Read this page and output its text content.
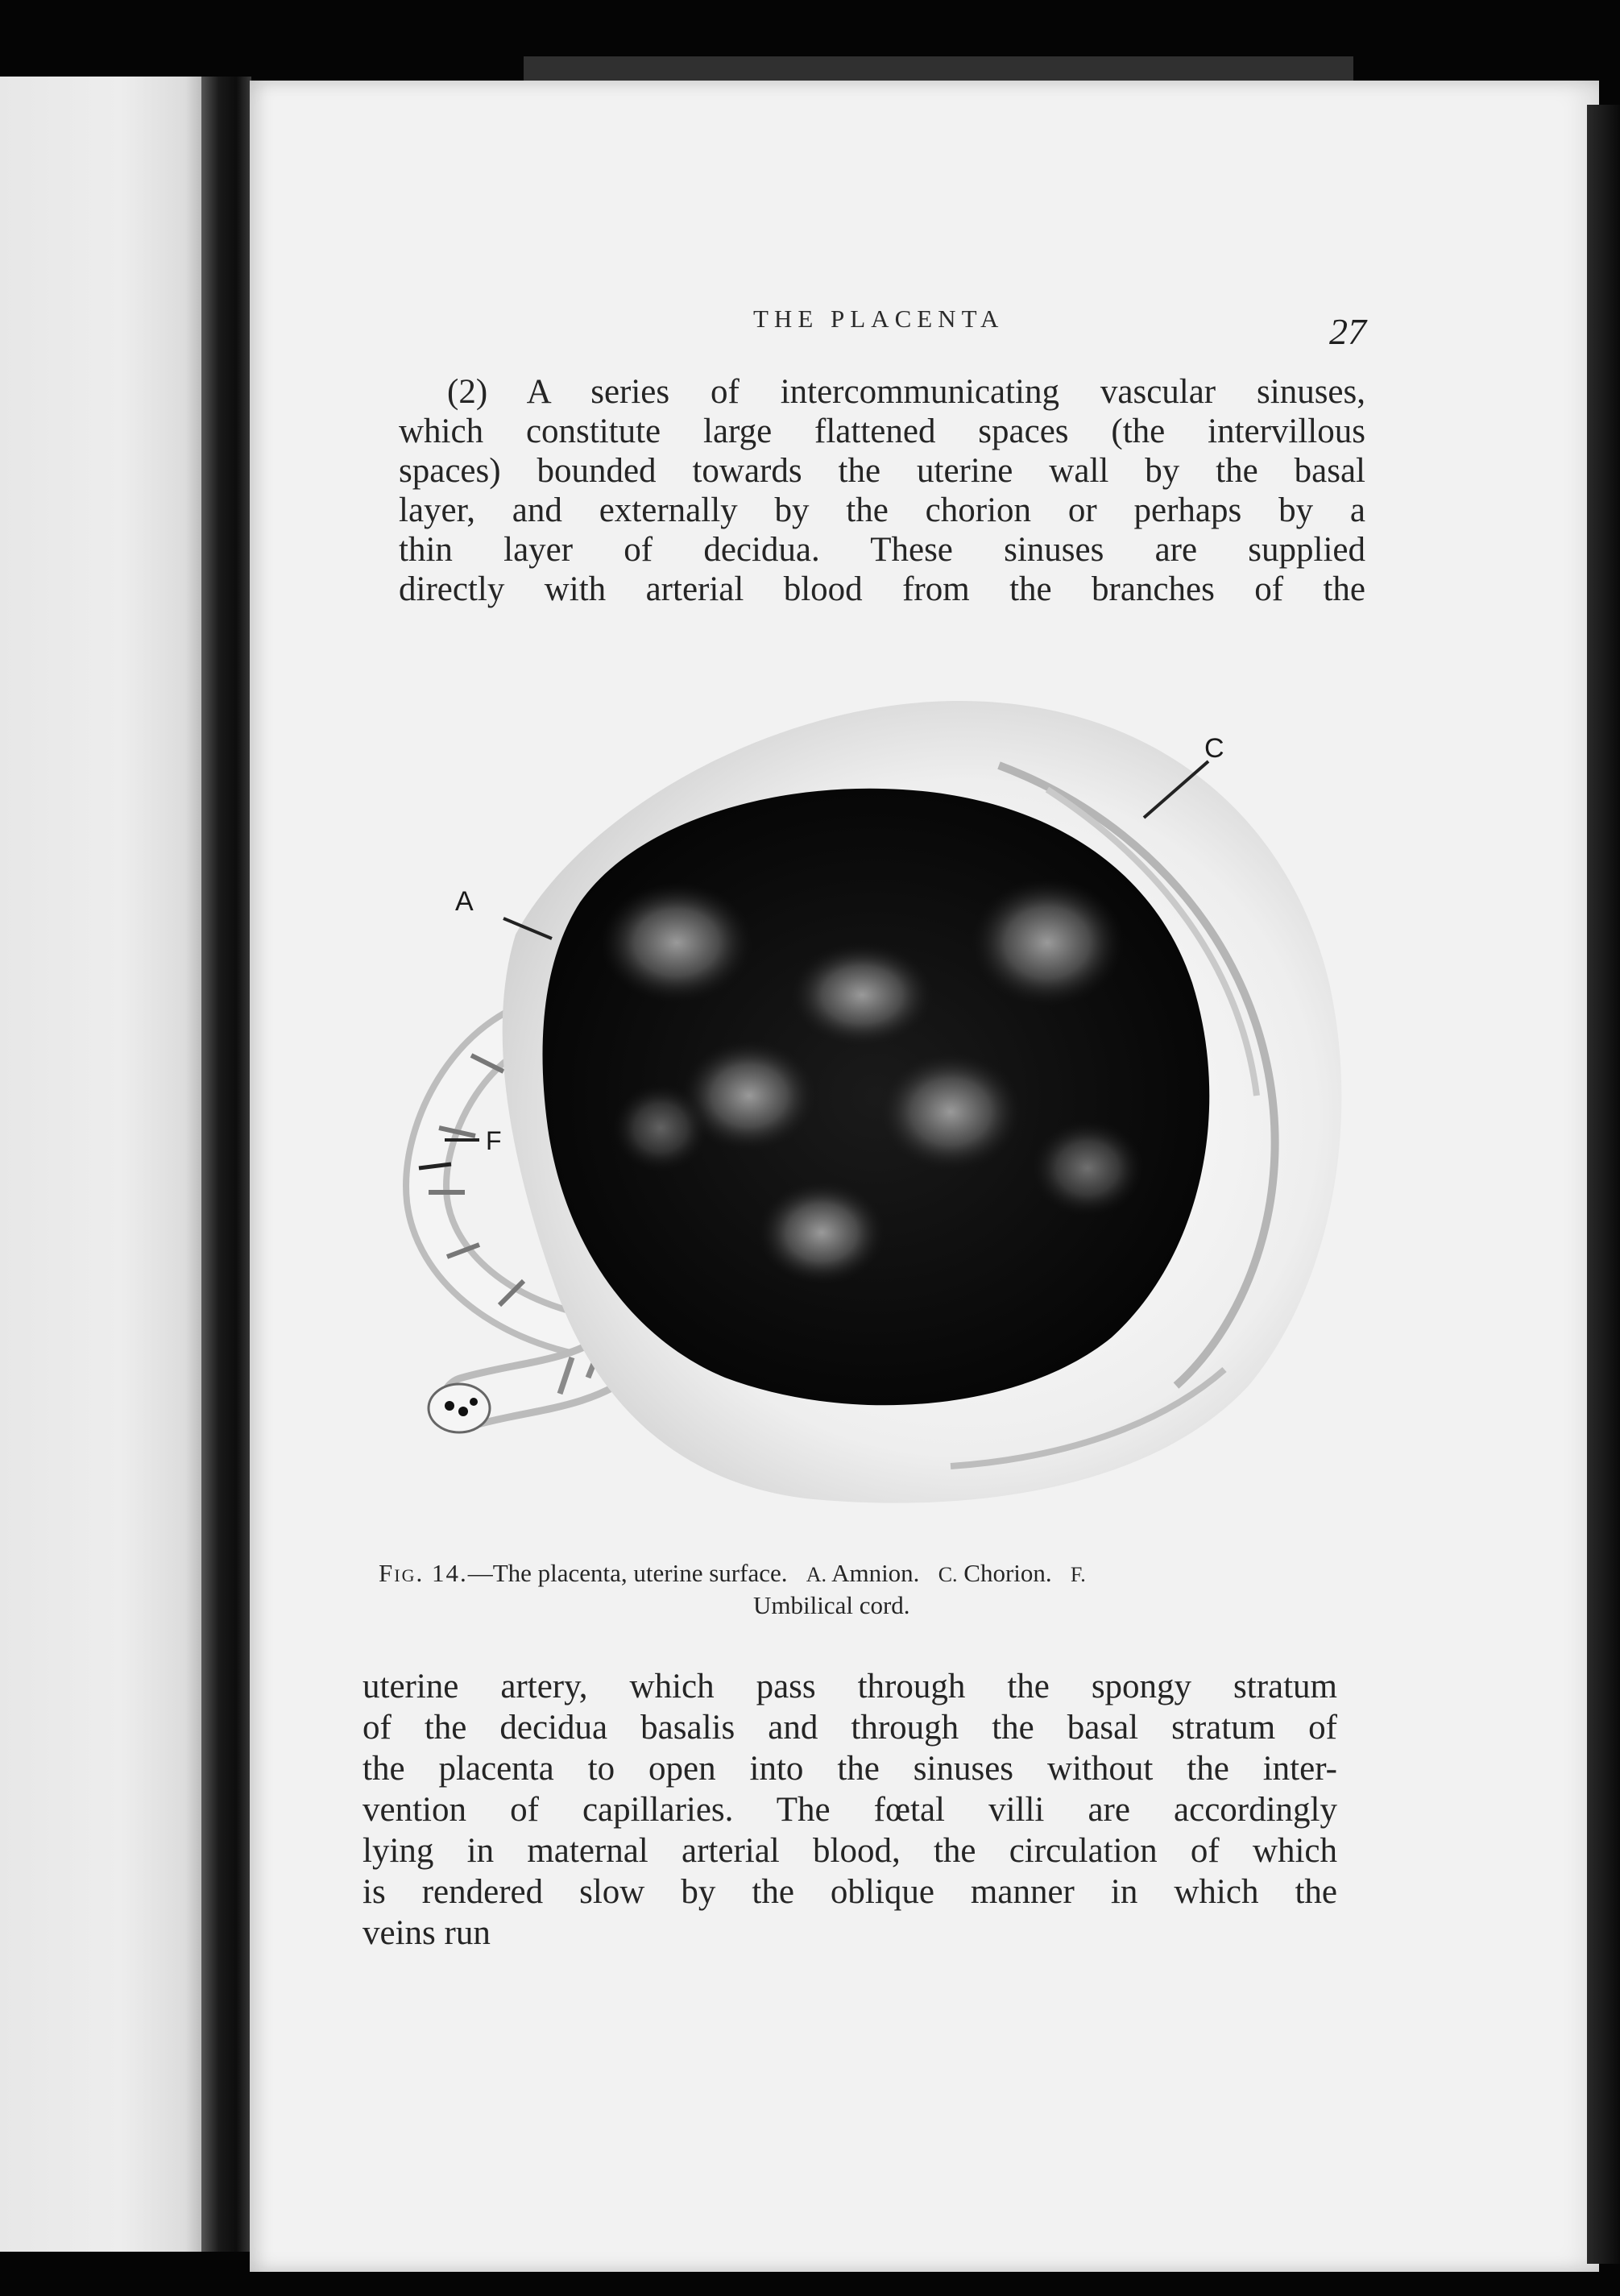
THE PLACENTA	27
(2) A series of intercommunicating vascular sinuses,
which constitute large flattened spaces (the intervillous
spaces) bounded towards the uterine wall by the basal
layer, and externally by the chorion or perhaps by a
thin layer of decidua. These sinuses are supplied
directly with arterial blood from the branches of the
A
C
F
Fig. 14.—The placenta, uterine surface. A. Amnion. C. Chorion. F.
Umbilical cord.
uterine artery, which pass through the spongy stratum
of the decidua basalis and through the basal stratum of
the placenta to open into the sinuses without the inter-
vention of capillaries. The fœtal villi are accordingly
lying in maternal arterial blood, the circulation of which
is rendered slow by the oblique manner in which the
veins run
